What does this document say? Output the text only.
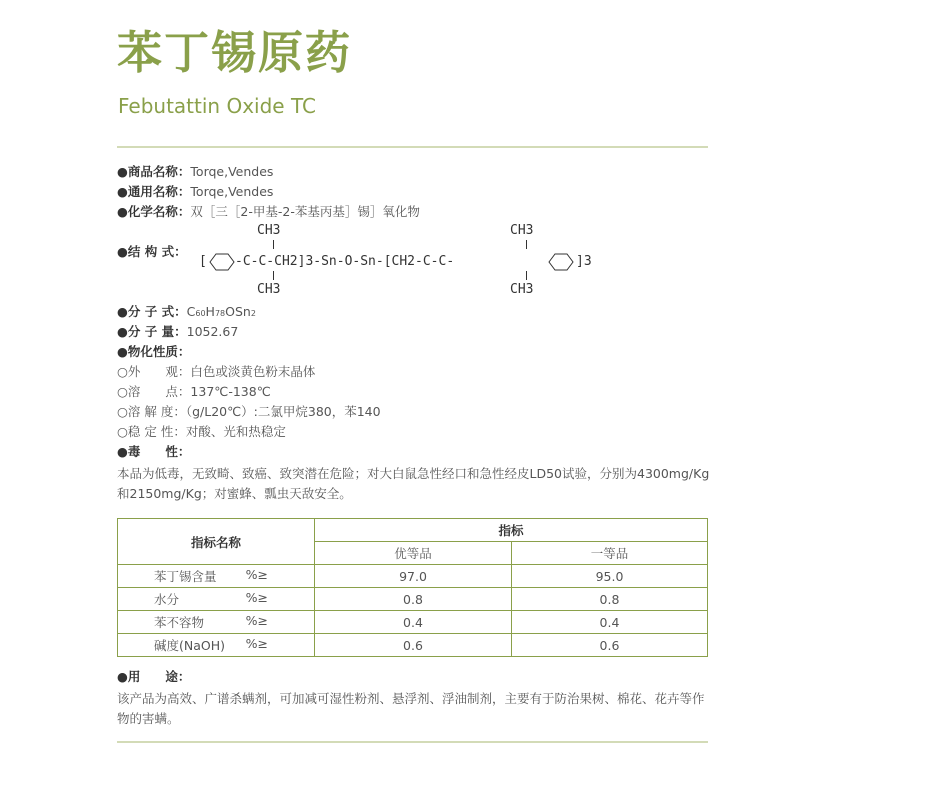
苯丁锡原药
Febutattin Oxide TC
●商品名称：Torqe,Vendes
●通用名称：Torqe,Vendes
●化学名称：双［三［2-甲基-2-苯基丙基］锡］氧化物
●结 构 式：
CH3	CH3
[ -C-C-CH2]3-Sn-O-Sn-[CH2-C-C-	]3
CH3	CH3
●分 子 式：C60H78OSn2
●分 子 量：1052.67
●物化性质：
○外　　观：白色或淡黄色粉末晶体
○溶　　点：137℃-138℃
○溶 解 度：（g/L20℃）:二氯甲烷380，苯140
○稳 定 性：对酸、光和热稳定
●毒　　性：
本品为低毒，无致畸、致癌、致突潜在危险；对大白鼠急性经口和急性经皮LD50试验，分别为4300mg/Kg和2150mg/Kg；对蜜蜂、瓢虫天敌安全。
指标名称	指标	
	优等品	一等品
苯丁锡含量 %≥	97.0	95.0
水分 %≥	0.8	0.8
苯不容物 %≥	0.4	0.4
碱度(NaOH) %≥	0.6	0.6
●用　　途：
该产品为高效、广谱杀螨剂，可加减可湿性粉剂、悬浮剂、浮油制剂，主要有于防治果树、棉花、花卉等作物的害螨。
